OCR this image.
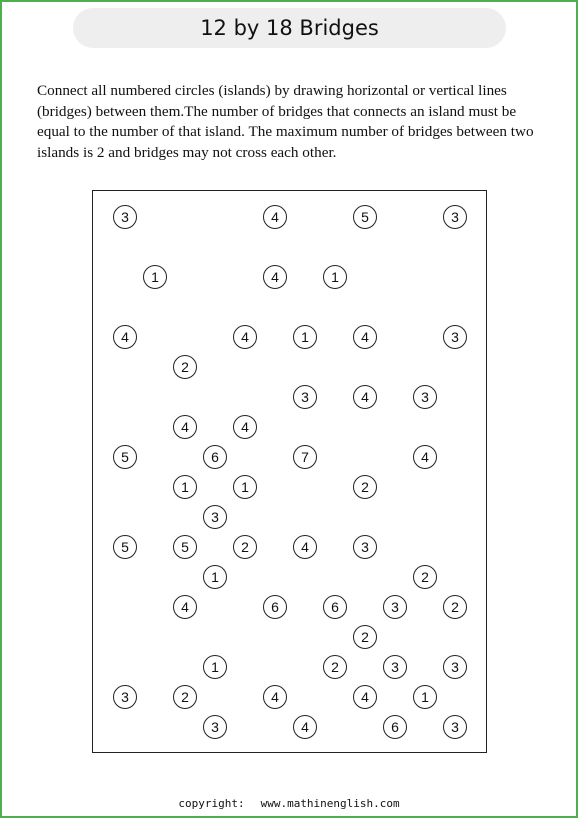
12 by 18 Bridges
Connect all numbered circles (islands) by drawing horizontal or vertical lines (bridges) between them.The number of bridges that connects an island must be equal to the number of that island. The maximum number of bridges between two islands is 2 and bridges may not cross each other.
3	4	5	3
1	4	1
4	4	1	4	3
2
3	4	3
4	4
5	6	7	4
1	1	2
3
5	5	2	4	3
1	2
4	6	6	3	2
2
1	2	3	3
3	2	4	4	1
3	4	6	3
copyright: www.mathinenglish.com
